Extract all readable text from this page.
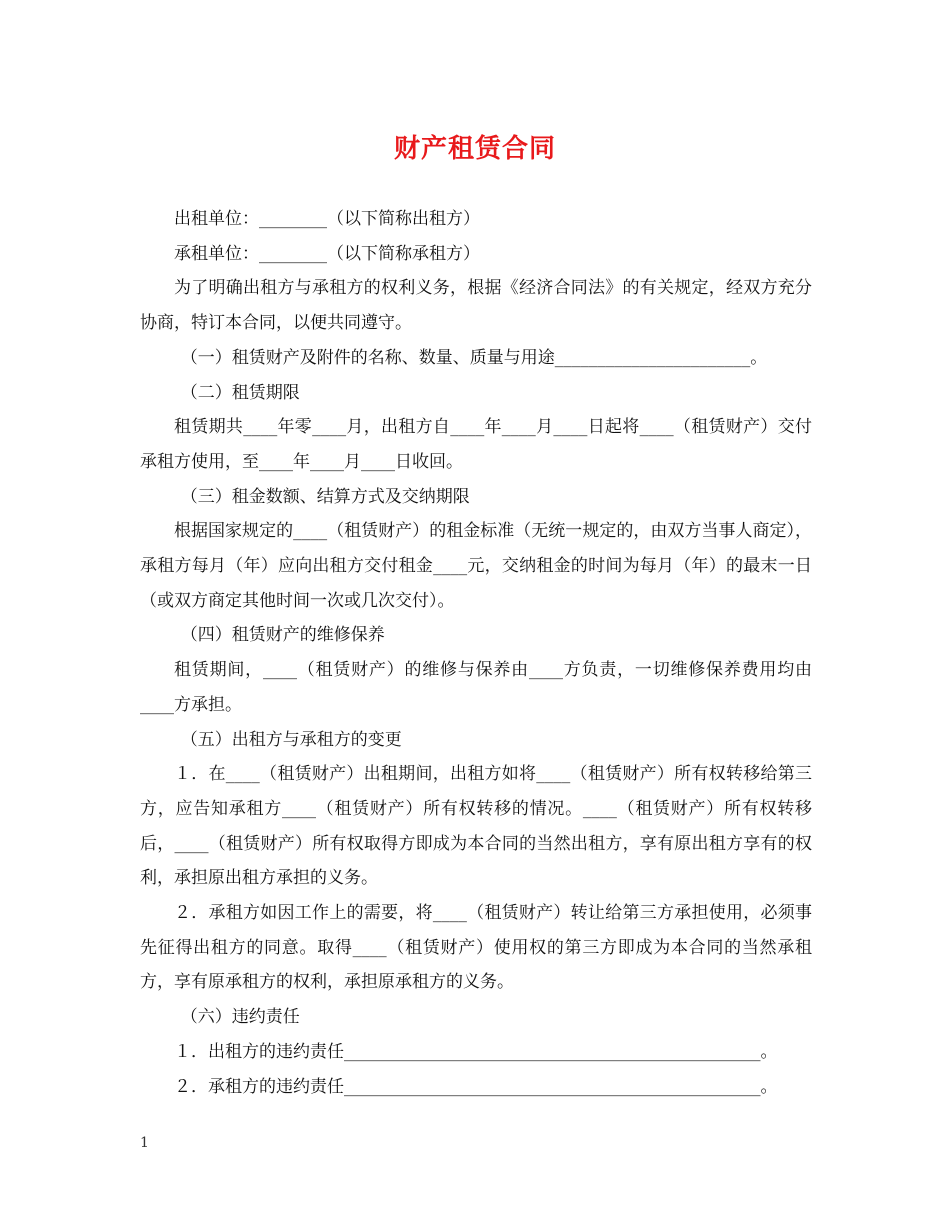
财产租赁合同

出租单位：________（以下简称出租方）

承租单位：________（以下简称承租方）

为了明确出租方与承租方的权利义务，根据《经济合同法》的有关规定，经双方充分协商，特订本合同，以便共同遵守。

（一）租赁财产及附件的名称、数量、质量与用途_______________________。

（二）租赁期限

租赁期共____年零____月，出租方自____年____月____日起将____（租赁财产）交付承租方使用，至____年____月____日收回。

（三）租金数额、结算方式及交纳期限

根据国家规定的____（租赁财产）的租金标准（无统一规定的，由双方当事人商定），承租方每月（年）应向出租方交付租金____元，交纳租金的时间为每月（年）的最末一日（或双方商定其他时间一次或几次交付）。

（四）租赁财产的维修保养

租赁期间，____（租赁财产）的维修与保养由____方负责，一切维修保养费用均由____方承担。

（五）出租方与承租方的变更

１．在____（租赁财产）出租期间，出租方如将____（租赁财产）所有权转移给第三方，应告知承租方____（租赁财产）所有权转移的情况。____（租赁财产）所有权转移后，____（租赁财产）所有权取得方即成为本合同的当然出租方，享有原出租方享有的权利，承担原出租方承担的义务。

２．承租方如因工作上的需要，将____（租赁财产）转让给第三方承担使用，必须事先征得出租方的同意。取得____（租赁财产）使用权的第三方即成为本合同的当然承租方，享有原承租方的权利，承担原承租方的义务。

（六）违约责任

１．出租方的违约责任_________________________________________________。

２．承租方的违约责任_________________________________________________。

1
